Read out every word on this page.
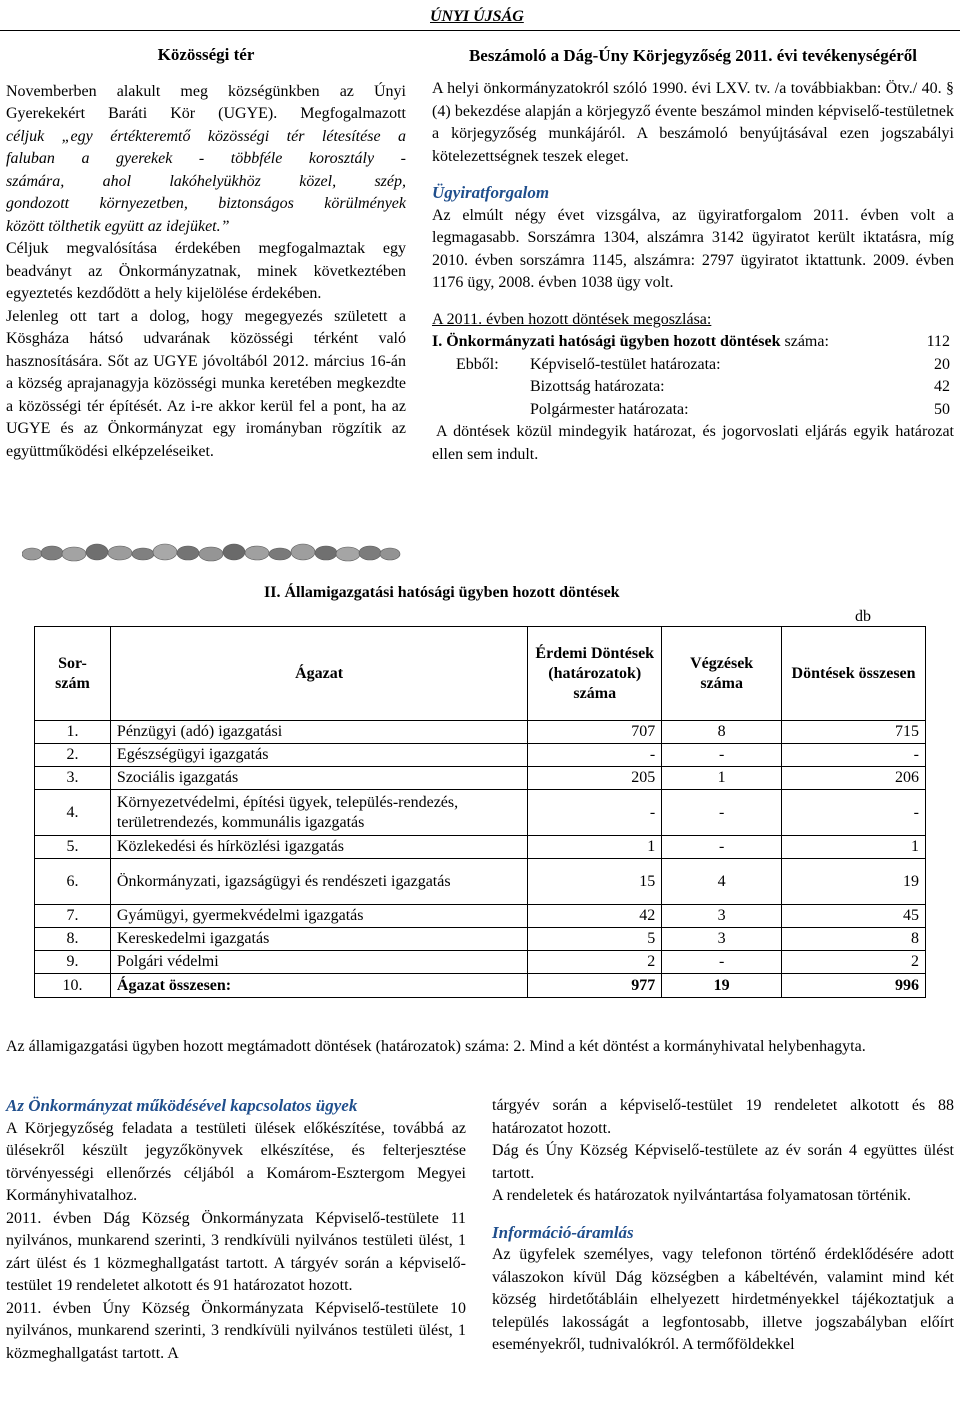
ÚNYI ÚJSÁG
Közösségi tér
Novemberben alakult meg községünkben az Únyi
Gyerekekért Baráti Kör (UGYE). Megfogalmazott
céljuk „egy értékteremtő közösségi tér létesítése a
faluban a gyerekek - többféle korosztály -
számára, ahol lakóhelyükhöz közel, szép,
gondozott környezetben, biztonságos körülmények
között tölthetik együtt az idejüket.”

Céljuk megvalósítása érdekében megfogalmaztak egy beadványt az Önkormányzatnak, minek következtében egyeztetés kezdődött a hely kijelölése érdekében.

Jelenleg ott tart a dolog, hogy megegyezés született a Kösgháza hátsó udvarának közösségi térként való hasznosítására. Sőt az UGYE jóvoltából 2012. március 16-án a község aprajanagyja közösségi munka keretében megkezdte a közösségi tér építését. Az i-re akkor kerül fel a pont, ha az UGYE és az Önkormányzat egy irományban rögzítik az együttműködési elképzeléseiket.

Beszámoló a Dág-Úny Körjegyzőség 2011. évi tevékenységéről

A helyi önkormányzatokról szóló 1990. évi LXV. tv. /a továbbiakban: Ötv./ 40. § (4) bekezdése alapján a körjegyző évente beszámol minden képviselő-testületnek a körjegyzőség munkájáról. A beszámoló benyújtásával ezen jogszabályi kötelezettségnek teszek eleget.

Ügyiratforgalom

Az elmúlt négy évet vizsgálva, az ügyiratforgalom 2011. évben volt a legmagasabb. Sorszámra 1304, alszámra 3142 ügyiratot került iktatásra, míg 2010. évben sorszámra 1145, alszámra: 2797 ügyiratot iktattunk. 2009. évben 1176 ügy, 2008. évben 1038 ügy volt.

A 2011. évben hozott döntések megoszlása:
I. Önkormányzati hatósági ügyben hozott döntések száma:	112
Ebből: Képviselő-testület határozata:	20
Bizottság határozata:	42
Polgármester határozata:	50

A döntések közül mindegyik határozat, és jogorvoslati eljárás egyik határozat ellen sem indult.

II. Államigazgatási hatósági ügyben hozott döntések
db
Sor-szám	Ágazat	Érdemi Döntések (határozatok) száma	Végzések száma	Döntések összesen
1.	Pénzügyi (adó) igazgatási	707	8	715
2.	Egészségügyi igazgatás	-	-	-
3.	Szociális igazgatás	205	1	206
4.	Környezetvédelmi, építési ügyek, település-rendezés, területrendezés, kommunális igazgatás	-	-	-
5.	Közlekedési és hírközlési igazgatás	1	-	1
6.	Önkormányzati, igazságügyi és rendészeti igazgatás	15	4	19
7.	Gyámügyi, gyermekvédelmi igazgatás	42	3	45
8.	Kereskedelmi igazgatás	5	3	8
9.	Polgári védelmi	2	-	2
10.	Ágazat összesen:	977	19	996

Az államigazgatási ügyben hozott megtámadott döntések (határozatok) száma: 2. Mind a két döntést a kormányhivatal helybenhagyta.

Az Önkormányzat működésével kapcsolatos ügyek

A Körjegyzőség feladata a testületi ülések előkészítése, továbbá az ülésekről készült jegyzőkönyvek elkészítése, és felterjesztése törvényességi ellenőrzés céljából a Komárom-Esztergom Megyei Kormányhivatalhoz.

2011. évben Dág Község Önkormányzata Képviselő-testülete 11 nyilvános, munkarend szerinti, 3 rendkívüli nyilvános testületi ülést, 1 zárt ülést és 1 közmeghallgatást tartott. A tárgyév során a képviselő-testület 19 rendeletet alkotott és 91 határozatot hozott.

2011. évben Úny Község Önkormányzata Képviselő-testülete 10 nyilvános, munkarend szerinti, 3 rendkívüli nyilvános testületi ülést, 1 közmeghallgatást tartott. A

tárgyév során a képviselő-testület 19 rendeletet alkotott és 88 határozatot hozott.

Dág és Úny Község Képviselő-testülete az év során 4 együttes ülést tartott.

A rendeletek és határozatok nyilvántartása folyamatosan történik.

Információ-áramlás

Az ügyfelek személyes, vagy telefonon történő érdeklődésére adott válaszokon kívül Dág községben a kábeltévén, valamint mind két község hirdetőtábláin elhelyezett hirdetményekkel tájékoztatjuk a település lakosságát a legfontosabb, illetve jogszabályban előírt eseményekről, tudnivalókról. A termőföldekkel
